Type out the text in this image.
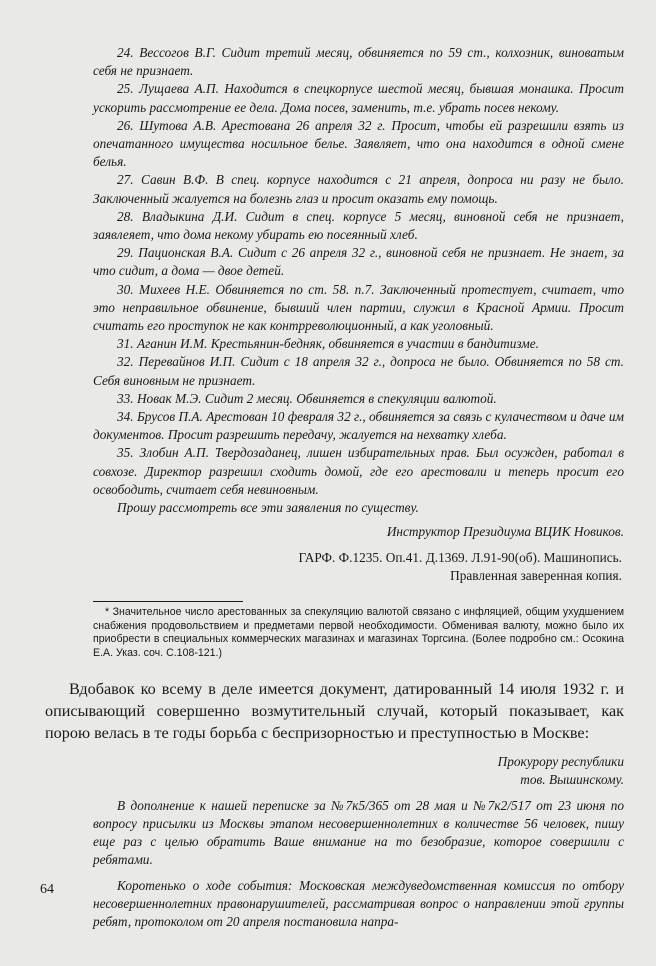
24. Вессогов В.Г. Сидит третий месяц, обвиняется по 59 ст., колхозник, виноватым себя не признает.

25. Лущаева А.П. Находится в спецкорпусе шестой месяц, бывшая монашка. Просит ускорить рассмотрение ее дела. Дома посев, заменить, т.е. убрать посев некому.

26. Шутова А.В. Арестована 26 апреля 32 г. Просит, чтобы ей разрешили взять из опечатанного имущества носильное белье. Заявляет, что она находится в одной смене белья.

27. Савин В.Ф. В спец. корпусе находится с 21 апреля, допроса ни разу не было. Заключенный жалуется на болезнь глаз и просит оказать ему помощь.

28. Владыкина Д.И. Сидит в спец. корпусе 5 месяц, виновной себя не признает, заявлеяет, что дома некому убирать ею посеянный хлеб.

29. Пационская В.А. Сидит с 26 апреля 32 г., виновной себя не признает. Не знает, за что сидит, а дома — двое детей.

30. Михеев Н.Е. Обвиняется по ст. 58. п.7. Заключенный протестует, считает, что это неправильное обвинение, бывший член партии, служил в Красной Армии. Просит считать его проступок не как контрреволюционный, а как уголовный.

31. Аганин И.М. Крестьянин-бедняк, обвиняется в участии в бандитизме.

32. Перевайнов И.П. Сидит с 18 апреля 32 г., допроса не было. Обвиняется по 58 ст. Себя виновным не признает.

33. Новак М.Э. Сидит 2 месяц. Обвиняется в спекуляции валютой.

34. Брусов П.А. Арестован 10 февраля 32 г., обвиняется за связь с кулачеством и даче им документов. Просит разрешить передачу, жалуется на нехватку хлеба.

35. Злобин А.П. Твердозаданец, лишен избирательных прав. Был осужден, работал в совхозе. Директор разрешил сходить домой, где его арестовали и теперь просит его освободить, считает себя невиновным.

Прошу рассмотреть все эти заявления по существу.

Инструктор Президиума ВЦИК Новиков.
ГАРФ. Ф.1235. Оп.41. Д.1369. Л.91-90(об). Машинопись.
Правленная заверенная копия.

* Значительное число арестованных за спекуляцию валютой связано с инфляцией, общим ухудшением снабжения продовольствием и предметами первой необходимости. Обменивая валюту, можно было их приобрести в специальных коммерческих магазинах и магазинах Торгсина. (Более подробно см.: Осокина Е.А. Указ. соч. С.108-121.)

Вдобавок ко всему в деле имеется документ, датированный 14 июля 1932 г. и описывающий совершенно возмутительный случай, который показывает, как порою велась в те годы борьба с беспризорностью и преступностью в Москве:

Прокурору республики
тов. Вышинскому.

В дополнение к нашей переписке за №7к5/365 от 28 мая и №7к2/517 от 23 июня по вопросу присылки из Москвы этапом несовершеннолетних в количестве 56 человек, пишу еще раз с целью обратить Ваше внимание на то безобразие, которое совершили с ребятами.

Коротенько о ходе события: Московская междуведомственная комиссия по отбору несовершеннолетних правонарушителей, рассматривая вопрос о направлении этой группы ребят, протоколом от 20 апреля постановила напра-

64
